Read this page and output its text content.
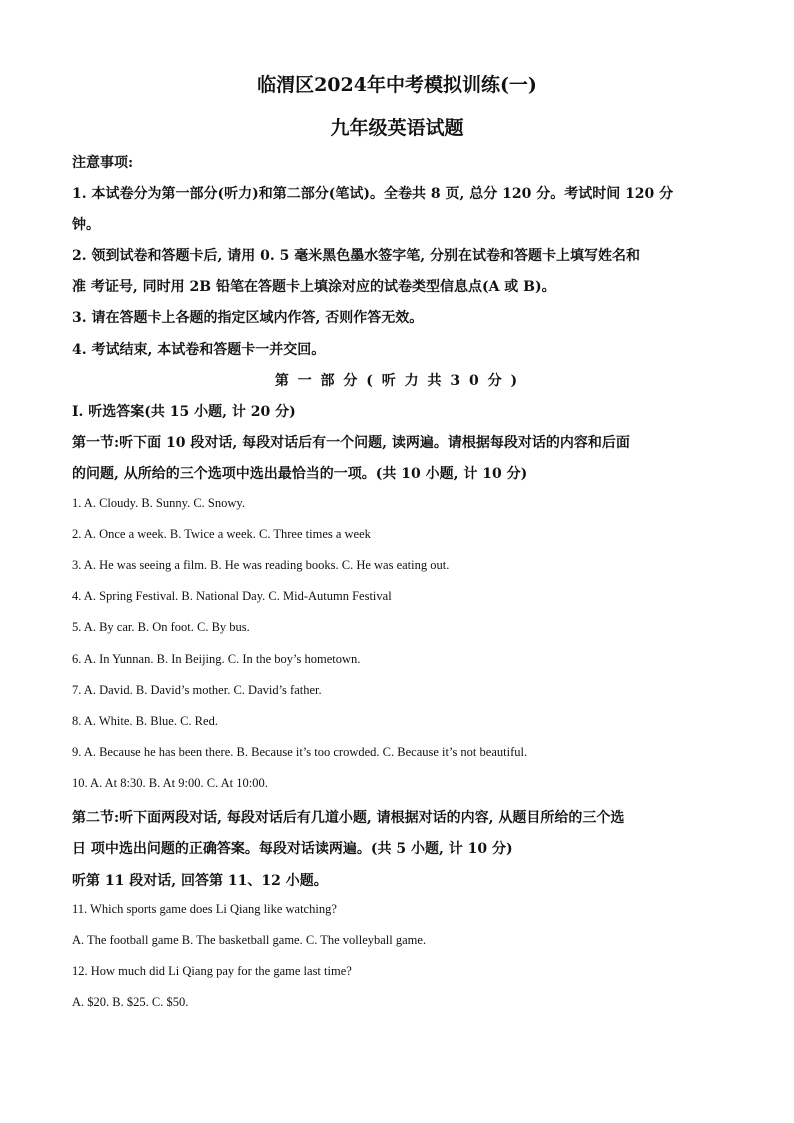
临渭区2024年中考模拟训练(一)
九年级英语试题

注意事项:

1. 本试卷分为第一部分(听力)和第二部分(笔试)。全卷共 8 页, 总分 120 分。考试时间 120 分

钟。

2. 领到试卷和答题卡后, 请用 0. 5 毫米黑色墨水签字笔, 分别在试卷和答题卡上填写姓名和

准 考证号, 同时用 2B 铅笔在答题卡上填涂对应的试卷类型信息点(A 或 B)。

3. 请在答题卡上各题的指定区域内作答, 否则作答无效。

4. 考试结束, 本试卷和答题卡一并交回。

第 一 部 分 ( 听 力 共 3 0 分 )

I. 听选答案(共 15 小题, 计 20 分)

第一节:听下面 10 段对话, 每段对话后有一个问题, 读两遍。请根据每段对话的内容和后面

的问题, 从所给的三个选项中选出最恰当的一项。(共 10 小题, 计 10 分)

1. A. Cloudy. B. Sunny. C. Snowy.

2. A. Once a week. B. Twice a week. C. Three times a week

3. A. He was seeing a film. B. He was reading books. C. He was eating out.

4. A. Spring Festival. B. National Day. C. Mid-Autumn Festival

5. A. By car. B. On foot. C. By bus.

6. A. In Yunnan. B. In Beijing. C. In the boy’s hometown.

7. A. David. B. David’s mother. C. David’s father.

8. A. White. B. Blue. C. Red.

9. A. Because he has been there. B. Because it’s too crowded. C. Because it’s not beautiful.

10. A. At 8:30. B. At 9:00. C. At 10:00.

第二节:听下面两段对话, 每段对话后有几道小题, 请根据对话的内容, 从题目所给的三个选

日 项中选出问题的正确答案。每段对话读两遍。(共 5 小题, 计 10 分)

听第 11 段对话, 回答第 11、12 小题。

11. Which sports game does Li Qiang like watching?

A. The football game B. The basketball game. C. The volleyball game.

12. How much did Li Qiang pay for the game last time?

A. $20. B. $25. C. $50.
